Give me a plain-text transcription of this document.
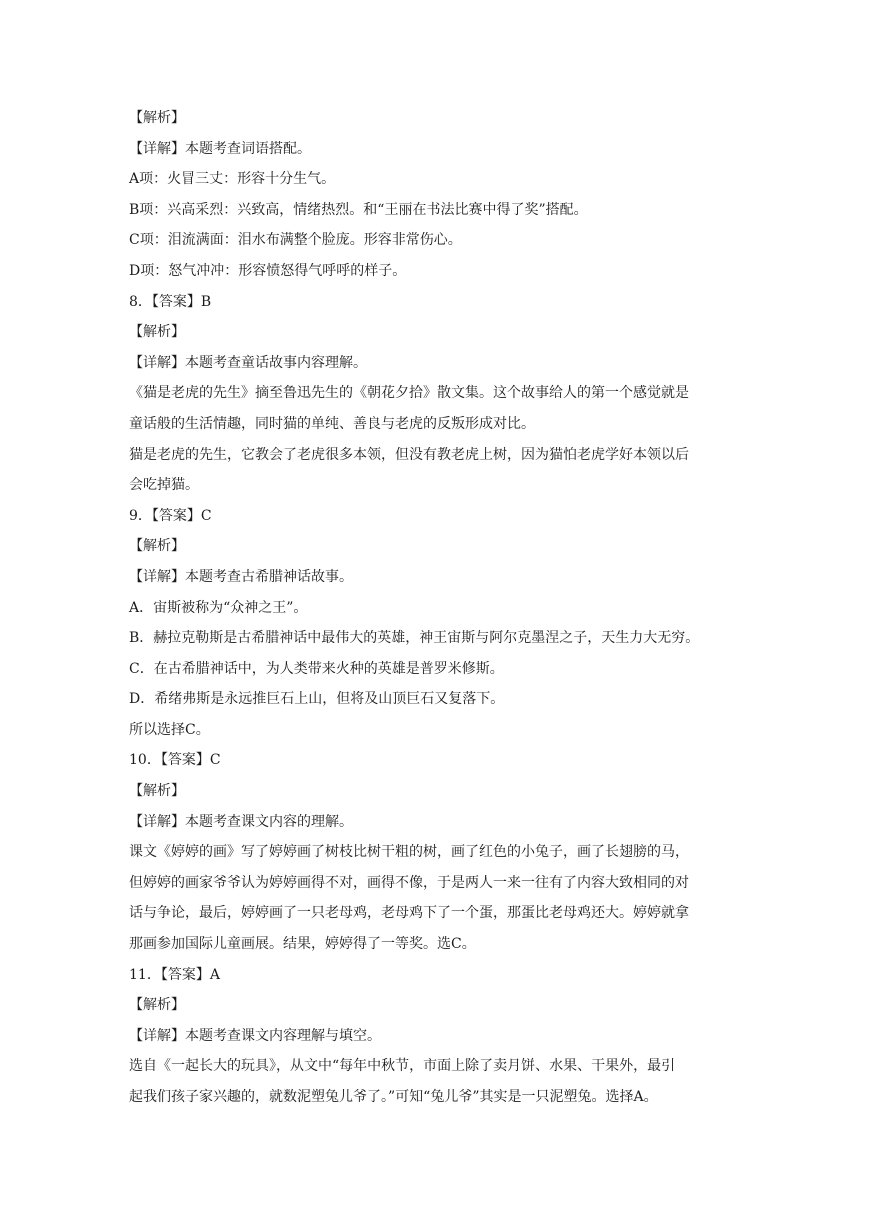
【解析】

【详解】本题考查词语搭配。

A项：火冒三丈：形容十分生气。

B项：兴高采烈：兴致高，情绪热烈。和“王丽在书法比赛中得了奖”搭配。

C项：泪流满面：泪水布满整个脸庞。形容非常伤心。

D项：怒气冲冲：形容愤怒得气呼呼的样子。

8．【答案】B

【解析】

【详解】本题考查童话故事内容理解。

《猫是老虎的先生》摘至鲁迅先生的《朝花夕拾》散文集。这个故事给人的第一个感觉就是

童话般的生活情趣，同时猫的单纯、善良与老虎的反叛形成对比。

猫是老虎的先生，它教会了老虎很多本领，但没有教老虎上树，因为猫怕老虎学好本领以后

会吃掉猫。

9．【答案】C

【解析】

【详解】本题考查古希腊神话故事。

A．宙斯被称为“众神之王”。

B．赫拉克勒斯是古希腊神话中最伟大的英雄，神王宙斯与阿尔克墨涅之子，天生力大无穷。

C．在古希腊神话中，为人类带来火种的英雄是普罗米修斯。

D．希绪弗斯是永远推巨石上山，但将及山顶巨石又复落下。

所以选择C。

10．【答案】C

【解析】

【详解】本题考查课文内容的理解。

课文《婷婷的画》写了婷婷画了树枝比树干粗的树，画了红色的小兔子，画了长翅膀的马，

但婷婷的画家爷爷认为婷婷画得不对，画得不像，于是两人一来一往有了内容大致相同的对

话与争论，最后，婷婷画了一只老母鸡，老母鸡下了一个蛋，那蛋比老母鸡还大。婷婷就拿

那画参加国际儿童画展。结果，婷婷得了一等奖。选C。

11．【答案】A

【解析】

【详解】本题考查课文内容理解与填空。

选自《一起长大的玩具》，从文中“每年中秋节，市面上除了卖月饼、水果、干果外，最引

起我们孩子家兴趣的，就数泥塑兔儿爷了。”可知“兔儿爷”其实是一只泥塑兔。选择A。
